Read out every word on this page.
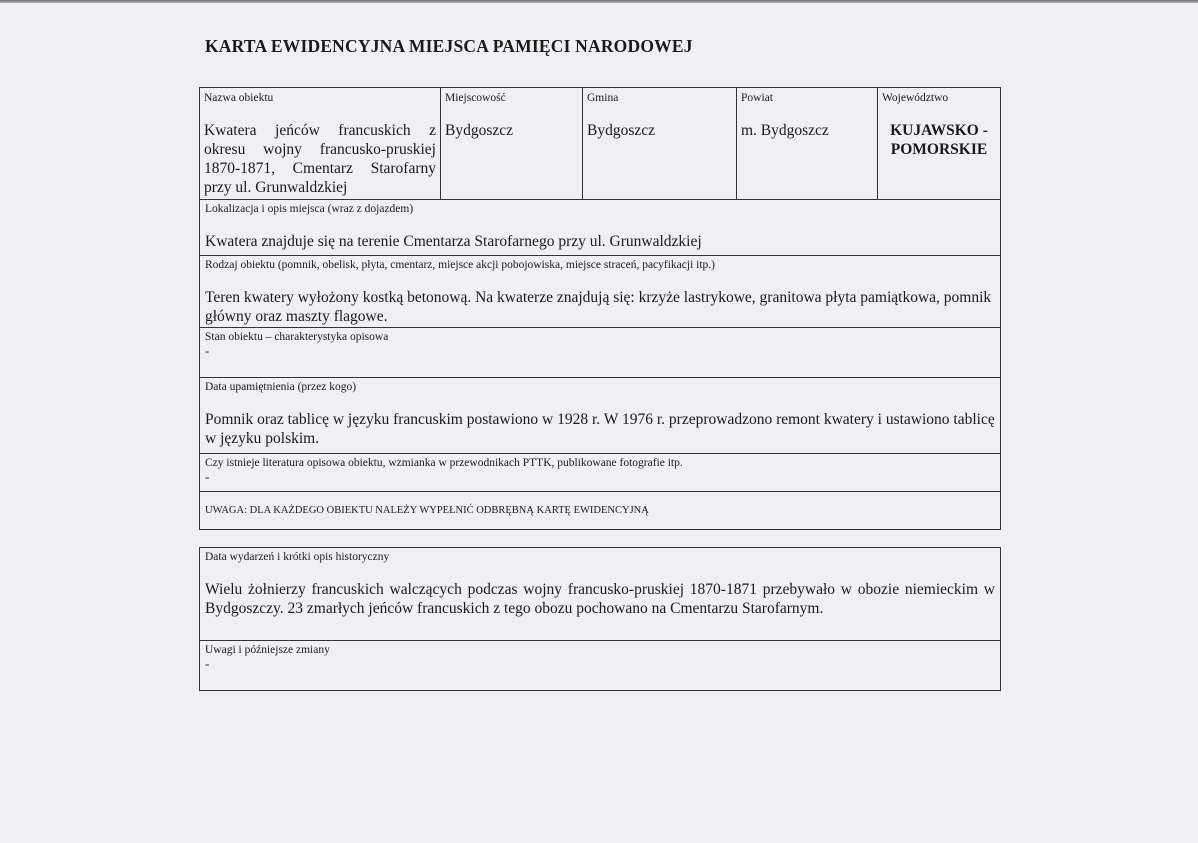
KARTA EWIDENCYJNA MIEJSCA PAMIĘCI NARODOWEJ
Nazwa obiektu
Kwatera jeńców francuskich z okresu wojny francusko-pruskiej 1870-1871, Cmentarz Starofarny przy ul. Grunwaldzkiej
Miejscowość
Bydgoszcz
Gmina
Bydgoszcz
Powiat
m. Bydgoszcz
Województwo
KUJAWSKO - POMORSKIE
Lokalizacja i opis miejsca (wraz z dojazdem)
Kwatera znajduje się na terenie Cmentarza Starofarnego przy ul. Grunwaldzkiej
Rodzaj obiektu (pomnik, obelisk, płyta, cmentarz, miejsce akcji pobojowiska, miejsce straceń, pacyfikacji itp.)
Teren kwatery wyłożony kostką betonową. Na kwaterze znajdują się: krzyże lastrykowe, granitowa płyta pamiątkowa, pomnik główny oraz maszty flagowe.
Stan obiektu – charakterystyka opisowa
-
Data upamiętnienia (przez kogo)
Pomnik oraz tablicę w języku francuskim postawiono w 1928 r. W 1976 r. przeprowadzono remont kwatery i ustawiono tablicę w języku polskim.
Czy istnieje literatura opisowa obiektu, wzmianka w przewodnikach PTTK, publikowane fotografie itp.
-
UWAGA: DLA KAŻDEGO OBIEKTU NALEŻY WYPEŁNIĆ ODBRĘBNĄ KARTĘ EWIDENCYJNĄ
Data wydarzeń i krótki opis historyczny
Wielu żołnierzy francuskich walczących podczas wojny francusko-pruskiej 1870-1871 przebywało w obozie niemieckim w Bydgoszczy. 23 zmarłych jeńców francuskich z tego obozu pochowano na Cmentarzu Starofarnym.
Uwagi i późniejsze zmiany
-
